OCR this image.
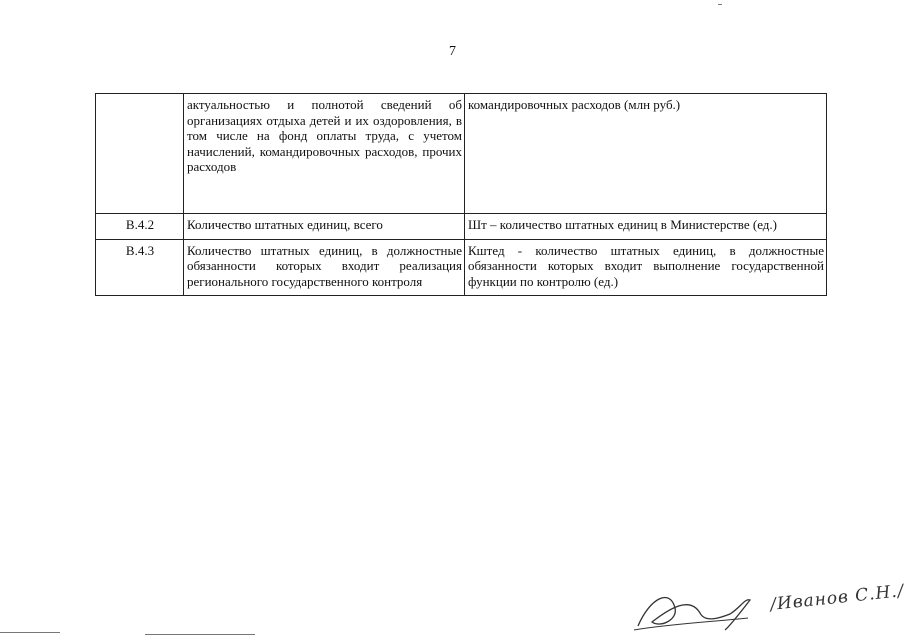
7
	актуальностью и полнотой сведений об организациях отдыха детей и их оздоровления, в том числе на фонд оплаты труда, с учетом начислений, командировочных расходов, прочих расходов	командировочных расходов (млн руб.)
В.4.2	Количество штатных единиц, всего	Шт – количество штатных единиц в Министерстве (ед.)
В.4.3	Количество штатных единиц, в должностные обязанности которых входит реализация регионального государственного контроля	Кштед - количество штатных единиц, в должностные обязанности которых входит выполнение государственной функции по контролю (ед.)
/Иванов С.Н./
